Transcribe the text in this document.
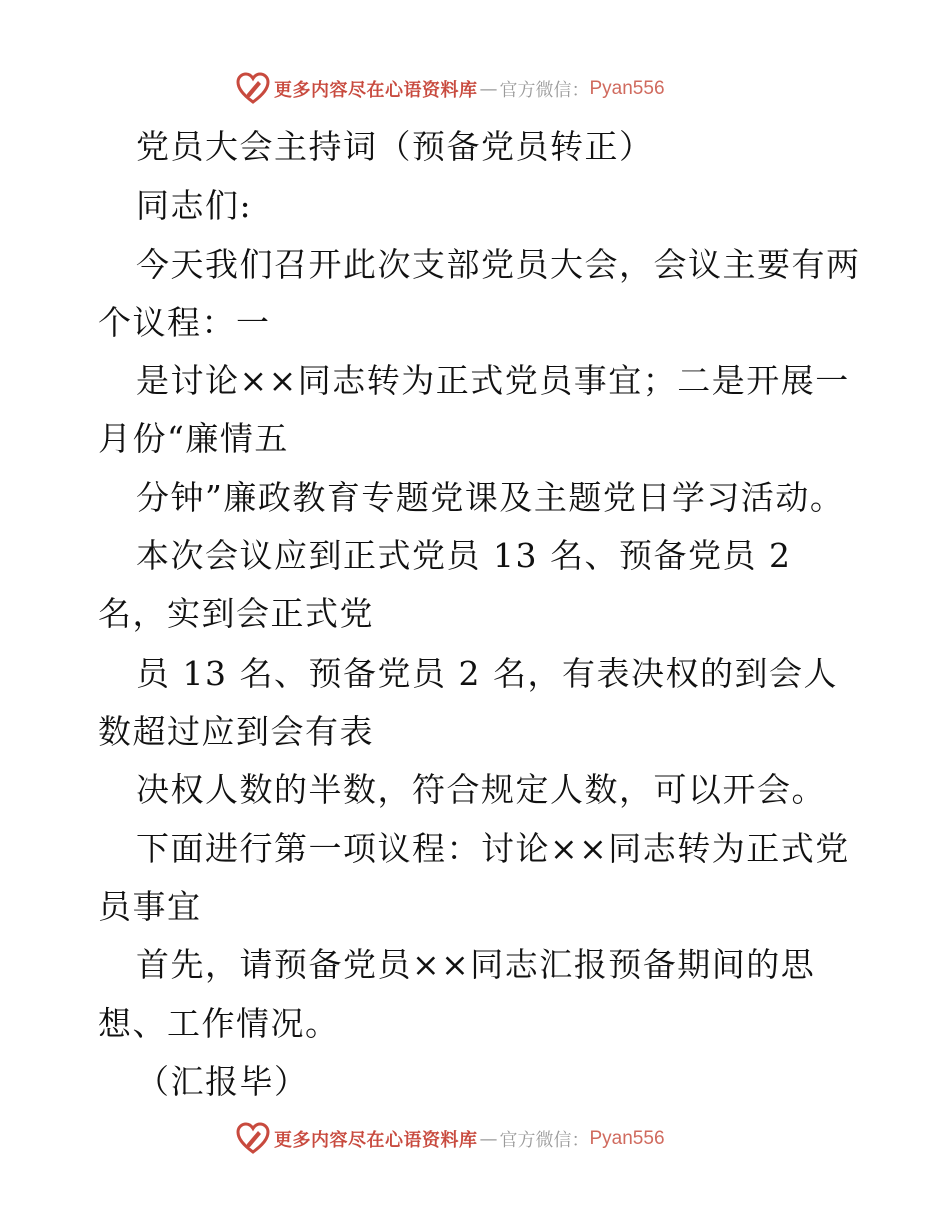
更多内容尽在心语资料库 — 官方微信： Pyan556
党员大会主持词（预备党员转正）
同志们:
今天我们召开此次支部党员大会，会议主要有两
个议程：一
是讨论××同志转为正式党员事宜；二是开展一
月份“廉情五
分钟”廉政教育专题党课及主题党日学习活动。
本次会议应到正式党员 13 名、预备党员 2
名，实到会正式党
员 13 名、预备党员 2 名，有表决权的到会人
数超过应到会有表
决权人数的半数，符合规定人数，可以开会。
下面进行第一项议程：讨论××同志转为正式党
员事宜
首先，请预备党员××同志汇报预备期间的思
想、工作情况。
（汇报毕）
更多内容尽在心语资料库 — 官方微信： Pyan556
